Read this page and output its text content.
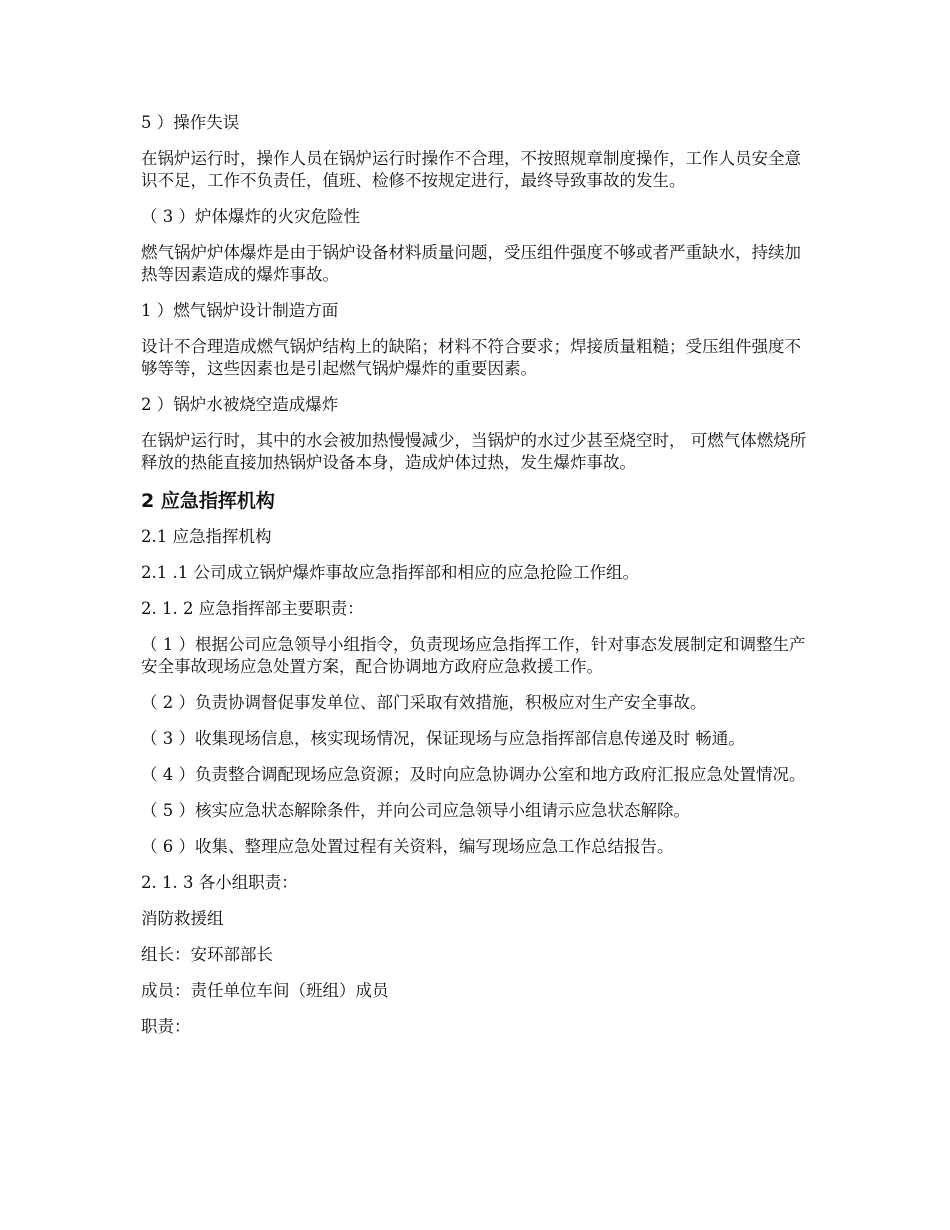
5 ）操作失误

在锅炉运行时，操作人员在锅炉运行时操作不合理，不按照规章制度操作，工作人员安全意识不足，工作不负责任，值班、检修不按规定进行，最终导致事故的发生。

（ 3 ）炉体爆炸的火灾危险性

燃气锅炉炉体爆炸是由于锅炉设备材料质量问题，受压组件强度不够或者严重缺水，持续加热等因素造成的爆炸事故。

1 ）燃气锅炉设计制造方面

设计不合理造成燃气锅炉结构上的缺陷；材料不符合要求；焊接质量粗糙；受压组件强度不够等等，这些因素也是引起燃气锅炉爆炸的重要因素。

2 ）锅炉水被烧空造成爆炸

在锅炉运行时，其中的水会被加热慢慢减少，当锅炉的水过少甚至烧空时， 可燃气体燃烧所释放的热能直接加热锅炉设备本身，造成炉体过热，发生爆炸事故。

2 应急指挥机构

2.1 应急指挥机构

2.1 .1 公司成立锅炉爆炸事故应急指挥部和相应的应急抢险工作组。

2. 1. 2 应急指挥部主要职责：

（ 1 ）根据公司应急领导小组指令，负责现场应急指挥工作，针对事态发展制定和调整生产安全事故现场应急处置方案，配合协调地方政府应急救援工作。

（ 2 ）负责协调督促事发单位、部门采取有效措施，积极应对生产安全事故。

（ 3 ）收集现场信息，核实现场情况，保证现场与应急指挥部信息传递及时 畅通。

（ 4 ）负责整合调配现场应急资源；及时向应急协调办公室和地方政府汇报应急处置情况。

（ 5 ）核实应急状态解除条件，并向公司应急领导小组请示应急状态解除。

（ 6 ）收集、整理应急处置过程有关资料，编写现场应急工作总结报告。

2. 1. 3 各小组职责：

消防救援组

组长：安环部部长

成员：责任单位车间（班组）成员

职责：
